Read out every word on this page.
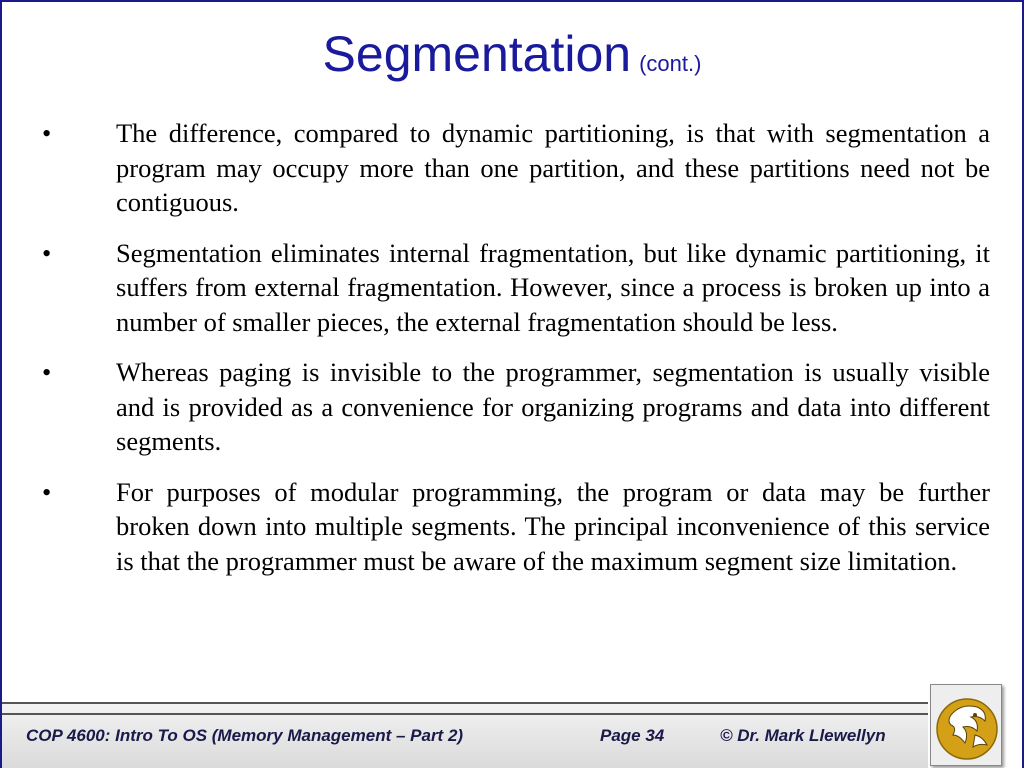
Segmentation (cont.)
•	The difference, compared to dynamic partitioning, is that with segmentation a program may occupy more than one partition, and these partitions need not be contiguous.
•	Segmentation eliminates internal fragmentation, but like dynamic partitioning, it suffers from external fragmentation. However, since a process is broken up into a number of smaller pieces, the external fragmentation should be less.
•	Whereas paging is invisible to the programmer, segmentation is usually visible and is provided as a convenience for organizing programs and data into different segments.
•	For purposes of modular programming, the program or data may be further broken down into multiple segments. The principal inconvenience of this service is that the programmer must be aware of the maximum segment size limitation.
COP 4600: Intro To OS (Memory Management – Part 2)	Page 34	© Dr. Mark Llewellyn
